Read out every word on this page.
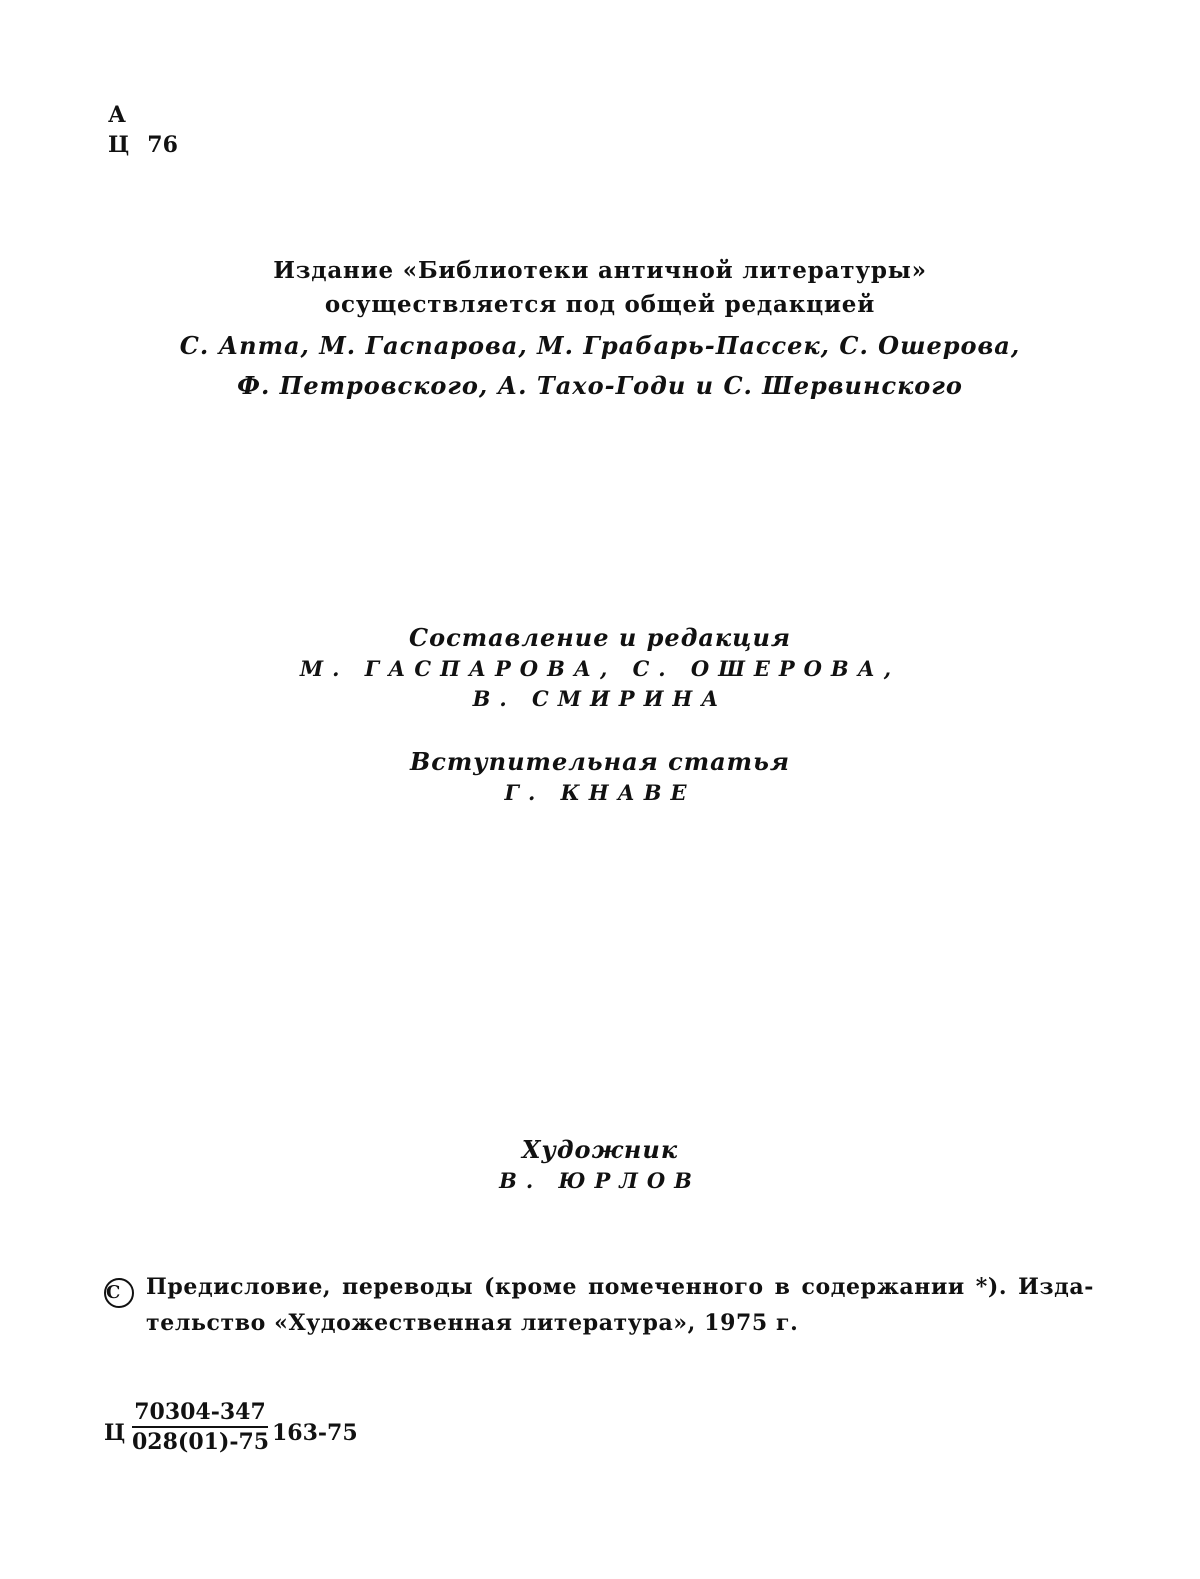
А
Ц 76
Издание «Библиотеки античной литературы»
осуществляется под общей редакцией
С. Апта, М. Гаспарова, М. Грабарь-Пассек, С. Ошерова,
Ф. Петровского, А. Тахо-Годи и С. Шервинского
Составление и редакция
М. ГАСПАРОВА, С. ОШЕРОВА,
В. СМИРИНА
Вступительная статья
Г. КНАВЕ
Художник
В. ЮРЛОВ
C Предисловие, переводы (кроме помеченного в содержании *). Изда-
тельство «Художественная литература», 1975 г.
Ц $\frac{70304-347}{028(01)-75} 163-75$
